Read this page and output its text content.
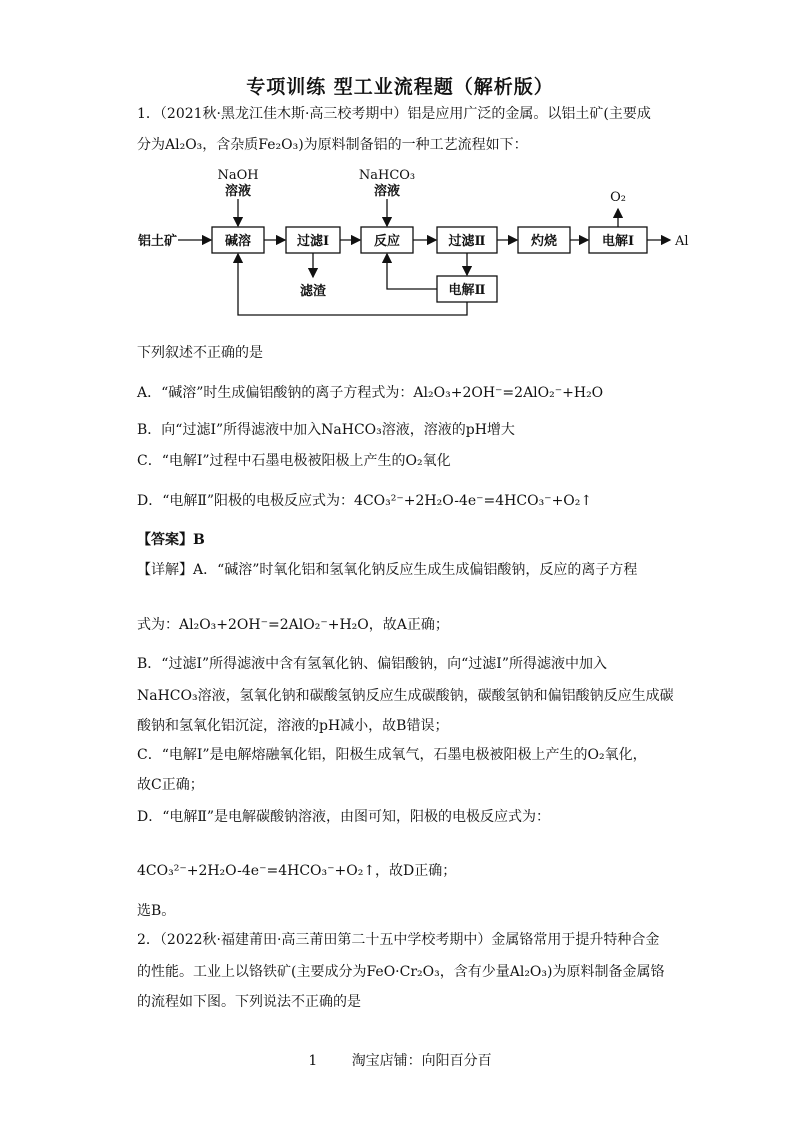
专项训练 型工业流程题（解析版）
1．（2021秋·黑龙江佳木斯·高三校考期中）铝是应用广泛的金属。以铝土矿(主要成
分为Al₂O₃，含杂质Fe₂O₃)为原料制备铝的一种工艺流程如下：
NaOH
溶液
NaHCO₃
溶液	O₂
铝土矿	碱溶	过滤Ⅰ	反应	过滤Ⅱ	灼烧	电解Ⅰ
电解Ⅱ
滤渣
Al
下列叙述不正确的是
A．“碱溶”时生成偏铝酸钠的离子方程式为：Al₂O₃+2OH⁻=2AlO₂⁻+H₂O
B．向“过滤Ⅰ”所得滤液中加入NaHCO₃溶液，溶液的pH增大
C．“电解Ⅰ”过程中石墨电极被阳极上产生的O₂氧化
D．“电解Ⅱ”阳极的电极反应式为：4CO₃²⁻+2H₂O-4e⁻=4HCO₃⁻+O₂↑
【答案】B
【详解】A．“碱溶”时氧化铝和氢氧化钠反应生成生成偏铝酸钠，反应的离子方程
式为：Al₂O₃+2OH⁻=2AlO₂⁻+H₂O，故A正确；
B．“过滤Ⅰ”所得滤液中含有氢氧化钠、偏铝酸钠，向“过滤Ⅰ”所得滤液中加入
NaHCO₃溶液，氢氧化钠和碳酸氢钠反应生成碳酸钠，碳酸氢钠和偏铝酸钠反应生成碳
酸钠和氢氧化铝沉淀，溶液的pH减小，故B错误；
C．“电解Ⅰ”是电解熔融氧化铝，阳极生成氧气，石墨电极被阳极上产生的O₂氧化，
故C正确；
D．“电解Ⅱ”是电解碳酸钠溶液，由图可知，阳极的电极反应式为：
4CO₃²⁻+2H₂O-4e⁻=4HCO₃⁻+O₂↑，故D正确；
选B。
2．（2022秋·福建莆田·高三莆田第二十五中学校考期中）金属铬常用于提升特种合金
的性能。工业上以铬铁矿(主要成分为FeO·Cr₂O₃，含有少量Al₂O₃)为原料制备金属铬
的流程如下图。下列说法不正确的是
1 淘宝店铺：向阳百分百
